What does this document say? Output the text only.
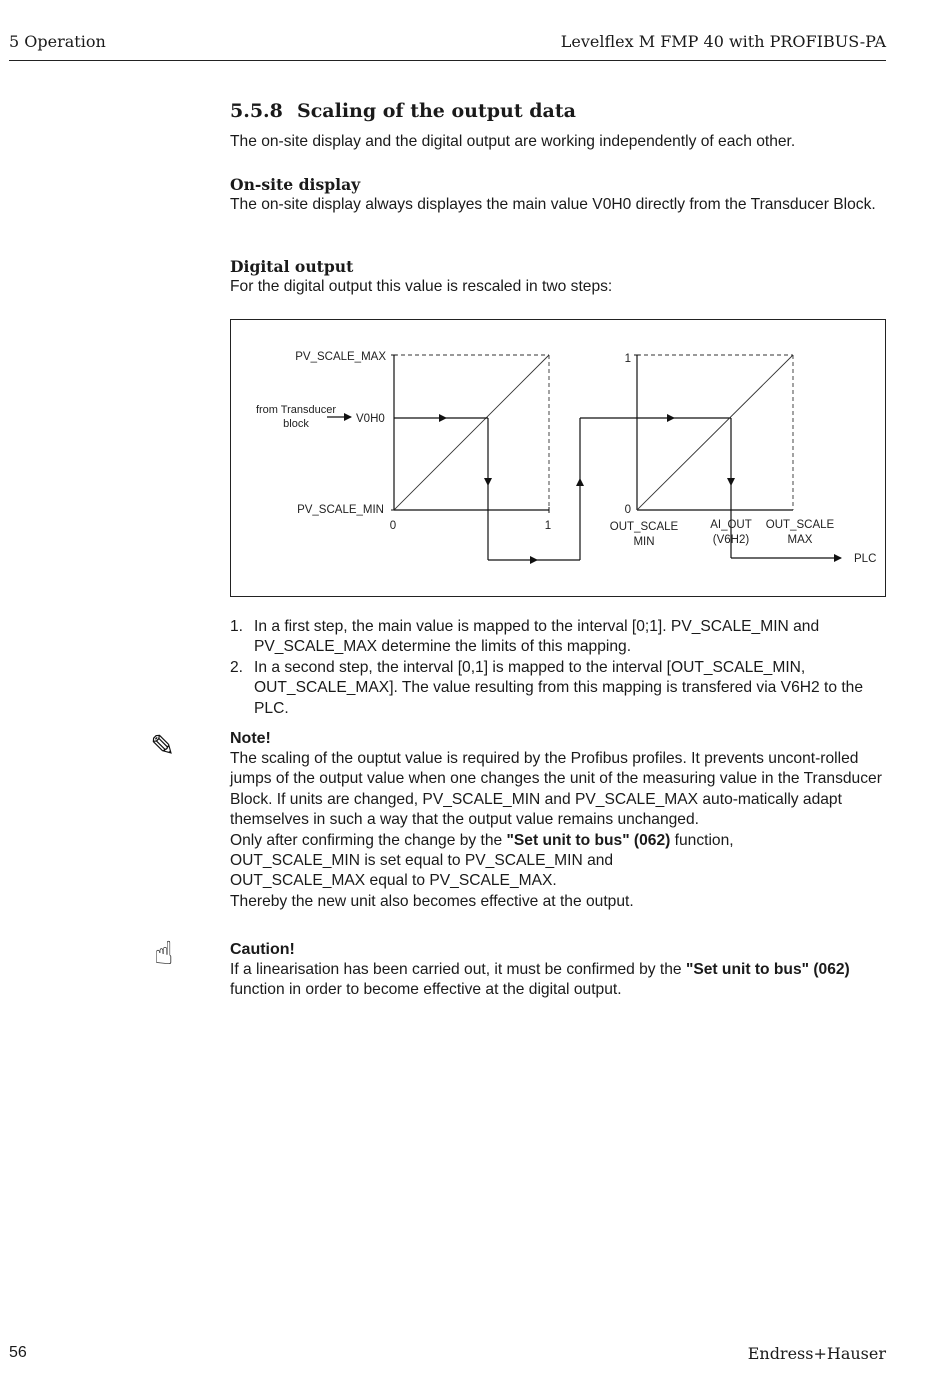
5 Operation	Levelflex M FMP 40 with PROFIBUS-PA
5.5.8 Scaling of the output data

The on-site display and the digital output are working independently of each other.

On-site display

The on-site display always displayes the main value V0H0 directly from the Transducer Block.

Digital output

For the digital output this value is rescaled in two steps:

PV_SCALE_MAX
PV_SCALE_MIN
from Transducer
block	V0H0
0	1
1
0
PLC
OUT_SCALE
MIN
AI_OUT
(V6H2)
OUT_SCALE
MAX
1. In a first step, the main value is mapped to the interval [0;1]. PV_SCALE_MIN and PV_SCALE_MAX determine the limits of this mapping.
2. In a second step, the interval [0,1] is mapped to the interval [OUT_SCALE_MIN, OUT_SCALE_MAX]. The value resulting from this mapping is transfered via V6H2 to the PLC.
✎	Note!

The scaling of the ouptut value is required by the Profibus profiles. It prevents uncont-rolled jumps of the output value when one changes the unit of the measuring value in the Transducer Block. If units are changed, PV_SCALE_MIN and PV_SCALE_MAX auto-matically adapt themselves in such a way that the output value remains unchanged.

Only after confirming the change by the "Set unit to bus" (062) function,

OUT_SCALE_MIN is set equal to PV_SCALE_MIN and

OUT_SCALE_MAX equal to PV_SCALE_MAX.

Thereby the new unit also becomes effective at the output.

☝	Caution!

If a linearisation has been carried out, it must be confirmed by the "Set unit to bus" (062) function in order to become effective at the digital output.

56	Endress+Hauser
